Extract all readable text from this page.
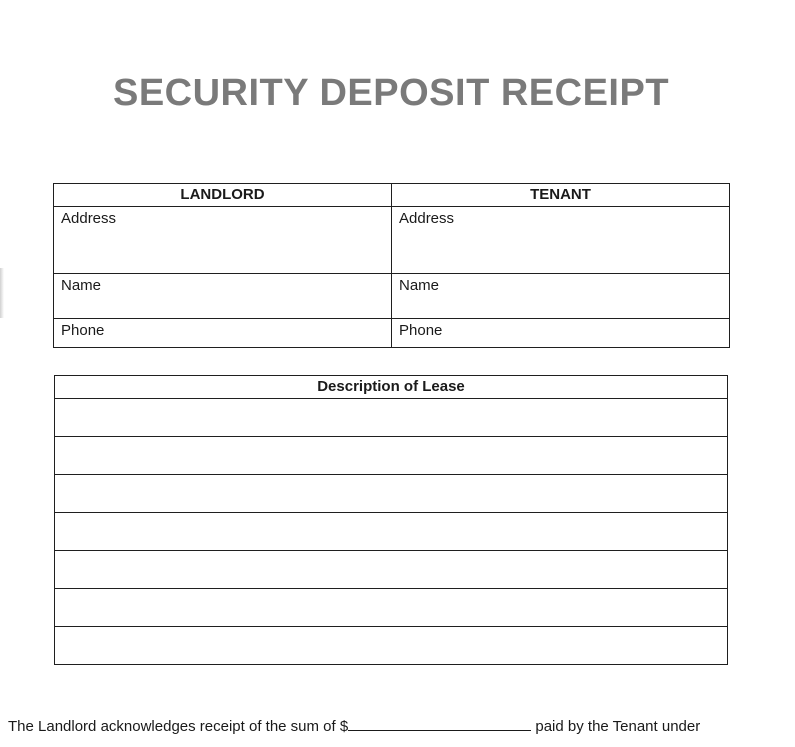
SECURITY DEPOSIT RECEIPT
LANDLORD	TENANT
Address	Address
Name	Name
Phone	Phone
Description of Lease

The Landlord acknowledges receipt of the sum of $	paid by the Tenant under
